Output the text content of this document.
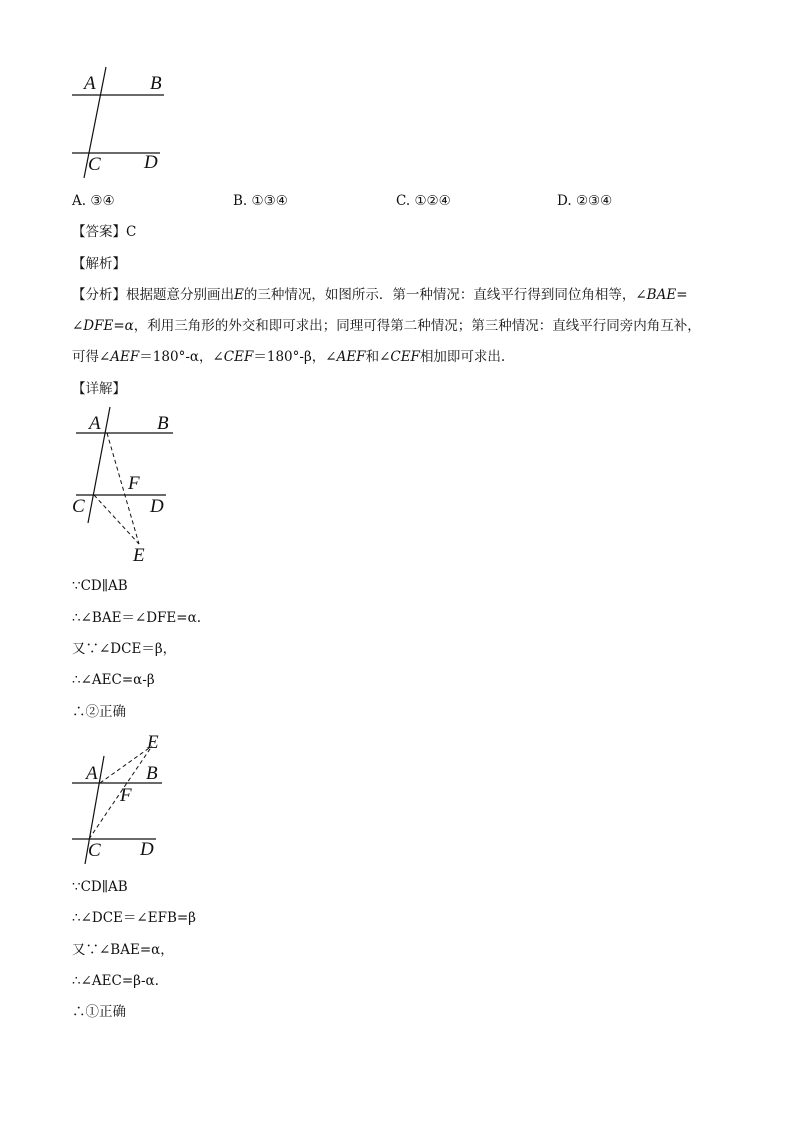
A	B
C D
A. ③④	B. ①③④	C. ①②④	D. ②③④
【答案】C
【解析】
【分析】根据题意分别画出E的三种情况，如图所示．第一种情况：直线平行得到同位角相等，∠BAE=
∠DFE=α，利用三角形的外交和即可求出；同理可得第二种情况；第三种情况：直线平行同旁内角互补，
可得∠AEF＝180°-α，∠CEF＝180°-β，∠AEF和∠CEF相加即可求出.
【详解】
A	B
C	D
F
E
∵CD∥AB
∴∠BAE＝∠DFE=α.
又∵∠DCE＝β，
∴∠AEC=α-β
∴②正确
A	B
C D
F
E
∵CD∥AB
∴∠DCE＝∠EFB=β
又∵∠BAE=α，
∴∠AEC=β-α.
∴①正确
